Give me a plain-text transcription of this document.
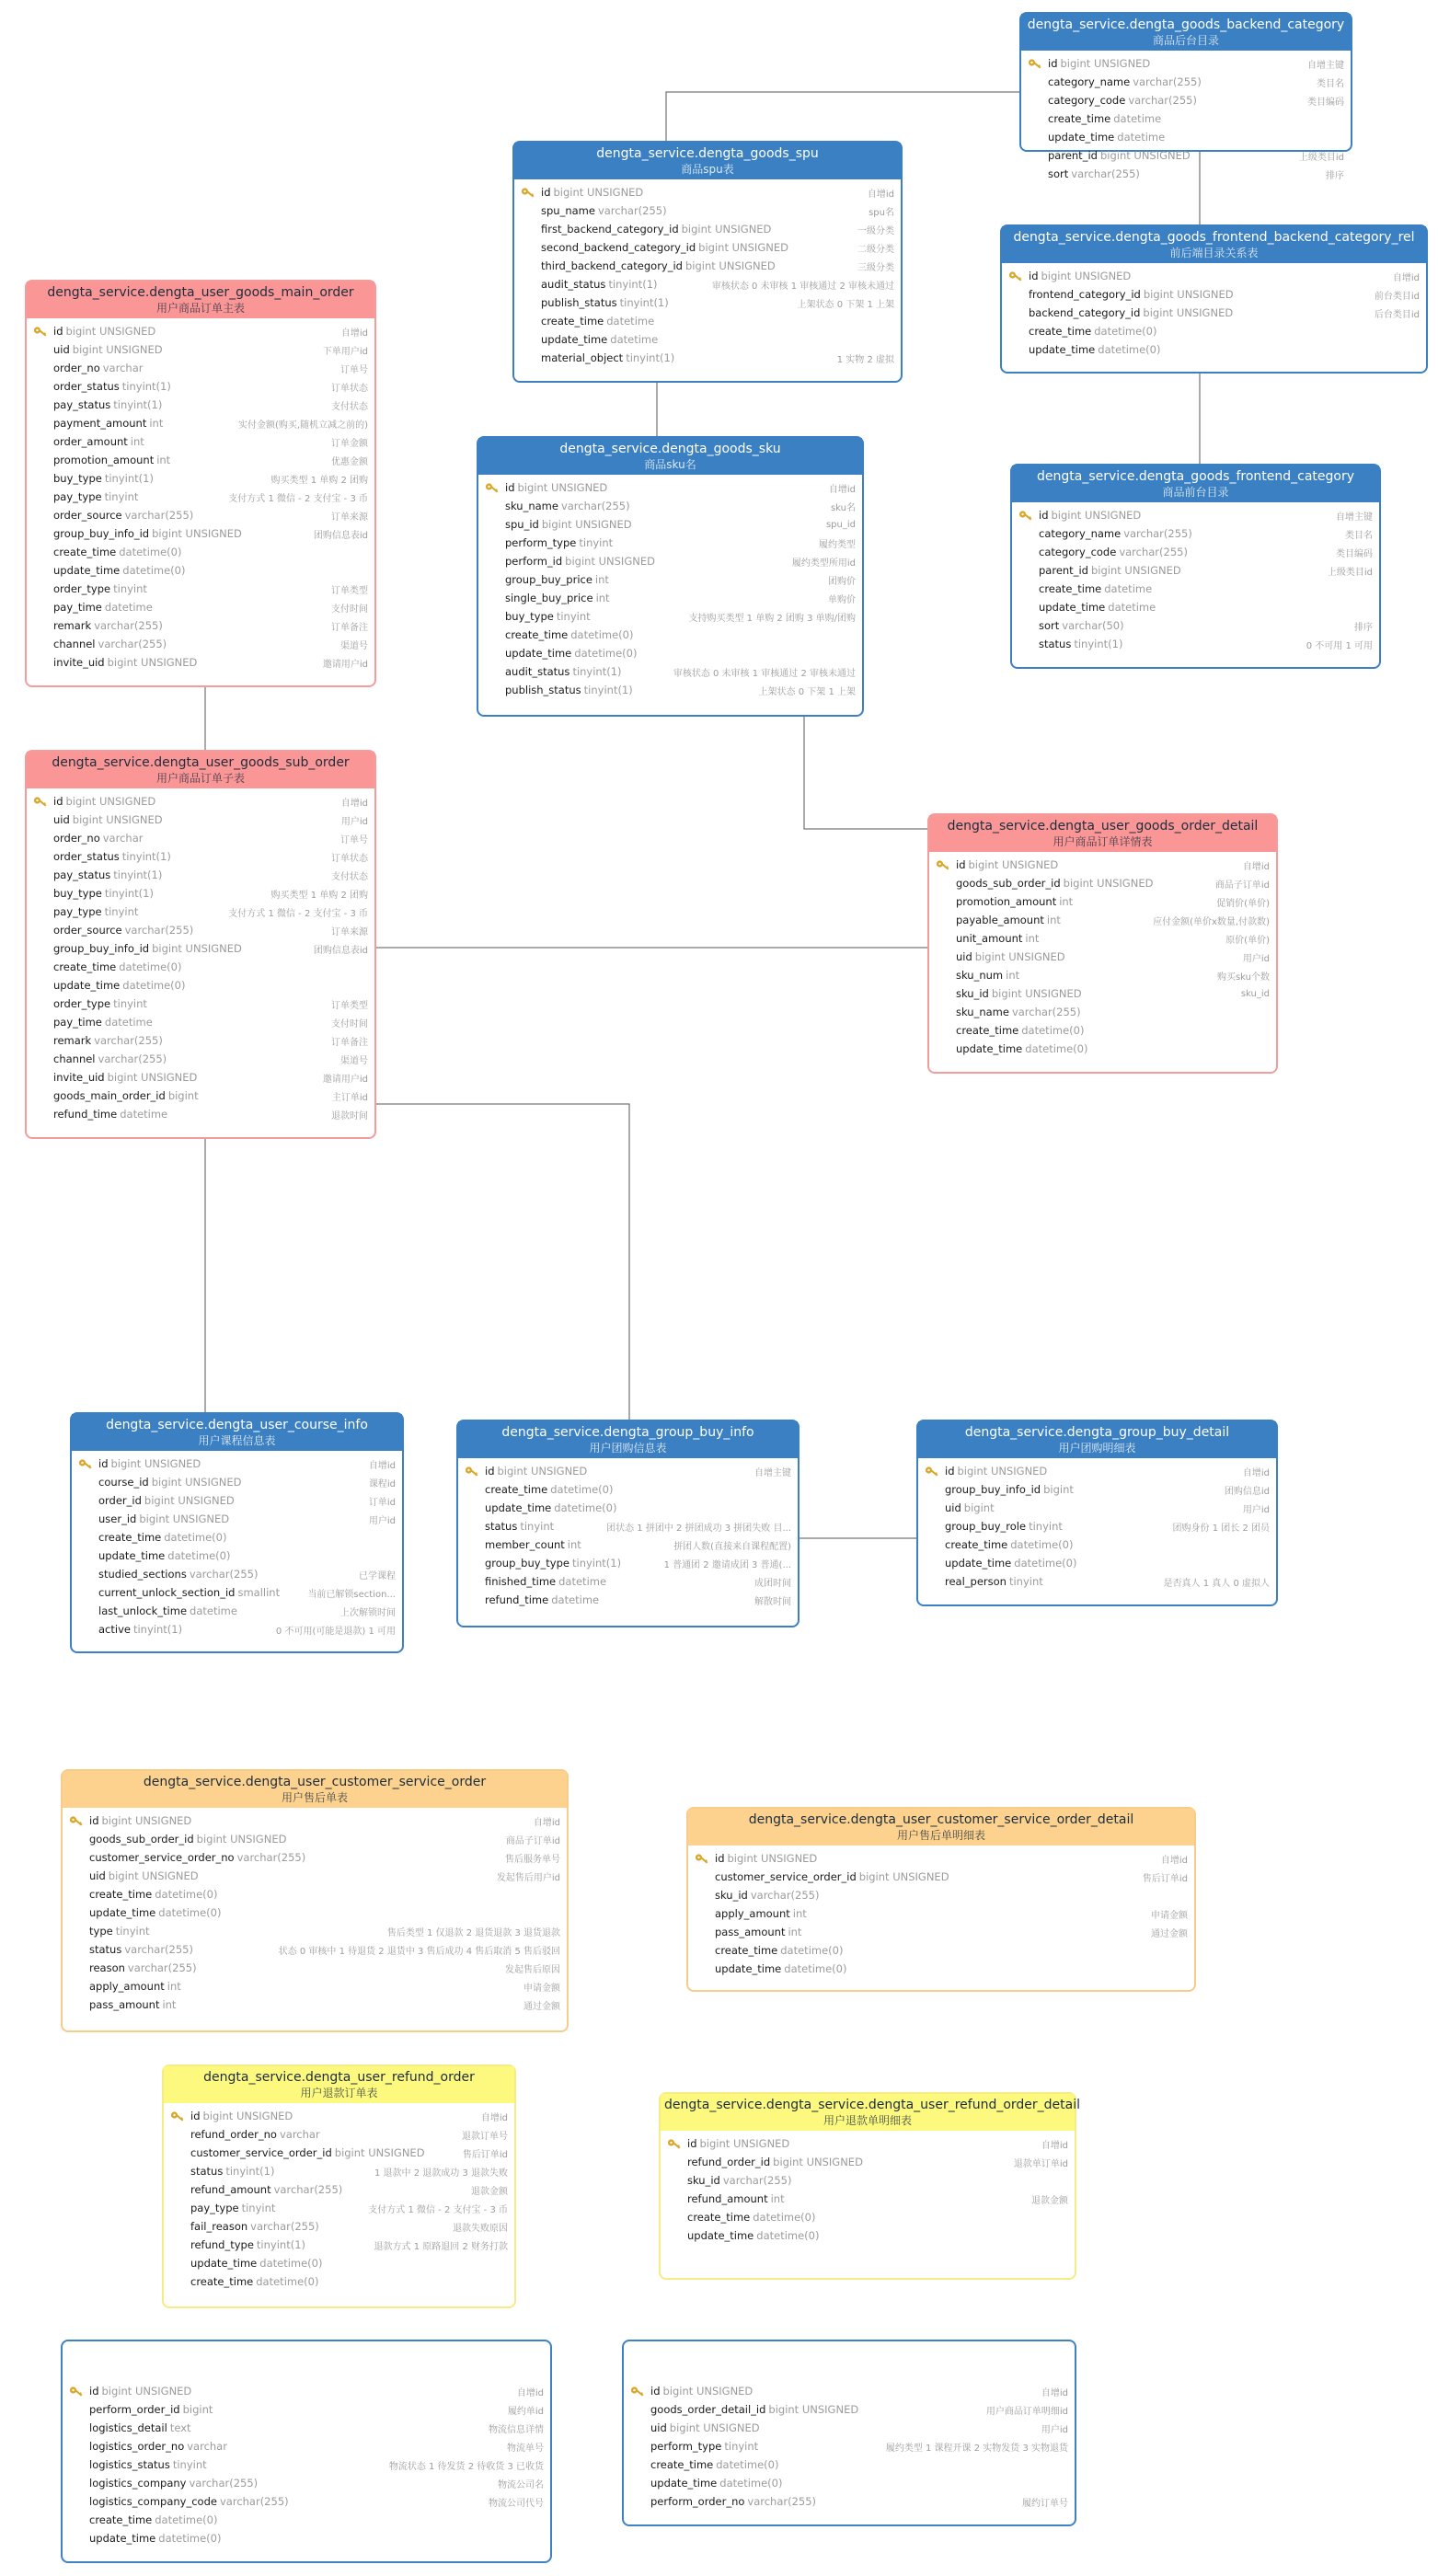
dengta_service.dengta_goods_backend_category
商品后台目录
id bigint UNSIGNED	自增主键
category_name varchar(255)	类目名
category_code varchar(255)	类目编码
create_time datetime
update_time datetime
parent_id bigint UNSIGNED	上级类目id
sort varchar(255)	排序
dengta_service.dengta_goods_spu
商品spu表
id bigint UNSIGNED	自增id
spu_name varchar(255)	spu名
first_backend_category_id bigint UNSIGNED	一级分类
second_backend_category_id bigint UNSIGNED	二级分类
third_backend_category_id bigint UNSIGNED	三级分类
audit_status tinyint(1)	审核状态 0 未审核 1 审核通过 2 审核未通过
publish_status tinyint(1)	上架状态 0 下架 1 上架
create_time datetime
update_time datetime
material_object tinyint(1)	1 实物 2 虚拟
dengta_service.dengta_goods_frontend_backend_category_rel
前后端目录关系表
id bigint UNSIGNED	自增id
frontend_category_id bigint UNSIGNED	前台类目id
backend_category_id bigint UNSIGNED	后台类目id
create_time datetime(0)
update_time datetime(0)
dengta_service.dengta_user_goods_main_order
用户商品订单主表
id bigint UNSIGNED	自增id
uid bigint UNSIGNED	下单用户id
order_no varchar	订单号
order_status tinyint(1)	订单状态
pay_status tinyint(1)	支付状态
payment_amount int	实付金额(购买,随机立减之前的)
order_amount int	订单金额
promotion_amount int	优惠金额
buy_type tinyint(1)	购买类型 1 单购 2 团购
pay_type tinyint	支付方式 1 微信 - 2 支付宝 - 3 币
order_source varchar(255)	订单来源
group_buy_info_id bigint UNSIGNED	团购信息表id
create_time datetime(0)
update_time datetime(0)
order_type tinyint	订单类型
pay_time datetime	支付时间
remark varchar(255)	订单备注
channel varchar(255)	渠道号
invite_uid bigint UNSIGNED	邀请用户id
dengta_service.dengta_goods_sku
商品sku名
id bigint UNSIGNED	自增id
sku_name varchar(255)	sku名
spu_id bigint UNSIGNED	spu_id
perform_type tinyint	履约类型
perform_id bigint UNSIGNED	履约类型所用id
group_buy_price int	团购价
single_buy_price int	单购价
buy_type tinyint	支持购买类型 1 单购 2 团购 3 单购/团购
create_time datetime(0)
update_time datetime(0)
audit_status tinyint(1)	审核状态 0 未审核 1 审核通过 2 审核未通过
publish_status tinyint(1)	上架状态 0 下架 1 上架
dengta_service.dengta_goods_frontend_category
商品前台目录
id bigint UNSIGNED	自增主键
category_name varchar(255)	类目名
category_code varchar(255)	类目编码
parent_id bigint UNSIGNED	上级类目id
create_time datetime
update_time datetime
sort varchar(50)	排序
status tinyint(1)	0 不可用 1 可用
dengta_service.dengta_user_goods_sub_order
用户商品订单子表
id bigint UNSIGNED	自增id
uid bigint UNSIGNED	用户id
order_no varchar	订单号
order_status tinyint(1)	订单状态
pay_status tinyint(1)	支付状态
buy_type tinyint(1)	购买类型 1 单购 2 团购
pay_type tinyint	支付方式 1 微信 - 2 支付宝 - 3 币
order_source varchar(255)	订单来源
group_buy_info_id bigint UNSIGNED	团购信息表id
create_time datetime(0)
update_time datetime(0)
order_type tinyint	订单类型
pay_time datetime	支付时间
remark varchar(255)	订单备注
channel varchar(255)	渠道号
invite_uid bigint UNSIGNED	邀请用户id
goods_main_order_id bigint	主订单id
refund_time datetime	退款时间
dengta_service.dengta_user_goods_order_detail
用户商品订单详情表
id bigint UNSIGNED	自增id
goods_sub_order_id bigint UNSIGNED	商品子订单id
promotion_amount int	促销价(单价)
payable_amount int	应付金额(单价x数量,付款数)
unit_amount int	原价(单价)
uid bigint UNSIGNED	用户id
sku_num int	购买sku个数
sku_id bigint UNSIGNED	sku_id
sku_name varchar(255)
create_time datetime(0)
update_time datetime(0)
dengta_service.dengta_user_course_info
用户课程信息表
id bigint UNSIGNED	自增id
course_id bigint UNSIGNED	课程id
order_id bigint UNSIGNED	订单id
user_id bigint UNSIGNED	用户id
create_time datetime(0)
update_time datetime(0)
studied_sections varchar(255)	已学课程
current_unlock_section_id smallint	当前已解锁section...
last_unlock_time datetime	上次解锁时间
active tinyint(1)	0 不可用(可能是退款) 1 可用
dengta_service.dengta_group_buy_info
用户团购信息表
id bigint UNSIGNED	自增主键
create_time datetime(0)
update_time datetime(0)
status tinyint	团状态 1 拼团中 2 拼团成功 3 拼团失败 目...
member_count int	拼团人数(直接来自课程配置)
group_buy_type tinyint(1)	1 普通团 2 邀请成团 3 普通(...
finished_time datetime	成团时间
refund_time datetime	解散时间
dengta_service.dengta_group_buy_detail
用户团购明细表
id bigint UNSIGNED	自增id
group_buy_info_id bigint	团购信息id
uid bigint	用户id
group_buy_role tinyint	团购身份 1 团长 2 团员
create_time datetime(0)
update_time datetime(0)
real_person tinyint	是否真人 1 真人 0 虚拟人
dengta_service.dengta_user_customer_service_order
用户售后单表
id bigint UNSIGNED	自增id
goods_sub_order_id bigint UNSIGNED	商品子订单id
customer_service_order_no varchar(255)	售后服务单号
uid bigint UNSIGNED	发起售后用户id
create_time datetime(0)
update_time datetime(0)
type tinyint	售后类型 1 仅退款 2 退货退款 3 退货退款
status varchar(255)	状态 0 审核中 1 待退货 2 退货中 3 售后成功 4 售后取消 5 售后驳回
reason varchar(255)	发起售后原因
apply_amount int	申请金额
pass_amount int	通过金额
dengta_service.dengta_user_customer_service_order_detail
用户售后单明细表
id bigint UNSIGNED	自增id
customer_service_order_id bigint UNSIGNED	售后订单id
sku_id varchar(255)
apply_amount int	申请金额
pass_amount int	通过金额
create_time datetime(0)
update_time datetime(0)
dengta_service.dengta_user_refund_order
用户退款订单表
id bigint UNSIGNED	自增id
refund_order_no varchar	退款订单号
customer_service_order_id bigint UNSIGNED	售后订单id
status tinyint(1)	1 退款中 2 退款成功 3 退款失败
refund_amount varchar(255)	退款金额
pay_type tinyint	支付方式 1 微信 - 2 支付宝 - 3 币
fail_reason varchar(255)	退款失败原因
refund_type tinyint(1)	退款方式 1 原路退回 2 财务打款
update_time datetime(0)
create_time datetime(0)
dengta_service.dengta_service.dengta_user_refund_order_detail
用户退款单明细表
id bigint UNSIGNED	自增id
refund_order_id bigint UNSIGNED	退款单订单id
sku_id varchar(255)
refund_amount int	退款金额
create_time datetime(0)
update_time datetime(0)
dengta_service.dengta_user_goods_order_logistics_info
用户商品订单物流信息
id bigint UNSIGNED	自增id
perform_order_id bigint	履约单id
logistics_detail text	物流信息详情
logistics_order_no varchar	物流单号
logistics_status tinyint	物流状态 1 待发货 2 待收货 3 已收货
logistics_company varchar(255)	物流公司名
logistics_company_code varchar(255)	物流公司代号
create_time datetime(0)
update_time datetime(0)
dengta_service.dengta_user_perform_order
用户履约单表
id bigint UNSIGNED	自增id
goods_order_detail_id bigint UNSIGNED	用户商品订单明细id
uid bigint UNSIGNED	用户id
perform_type tinyint	履约类型 1 课程开课 2 实物发货 3 实物退货
create_time datetime(0)
update_time datetime(0)
perform_order_no varchar(255)	履约订单号
